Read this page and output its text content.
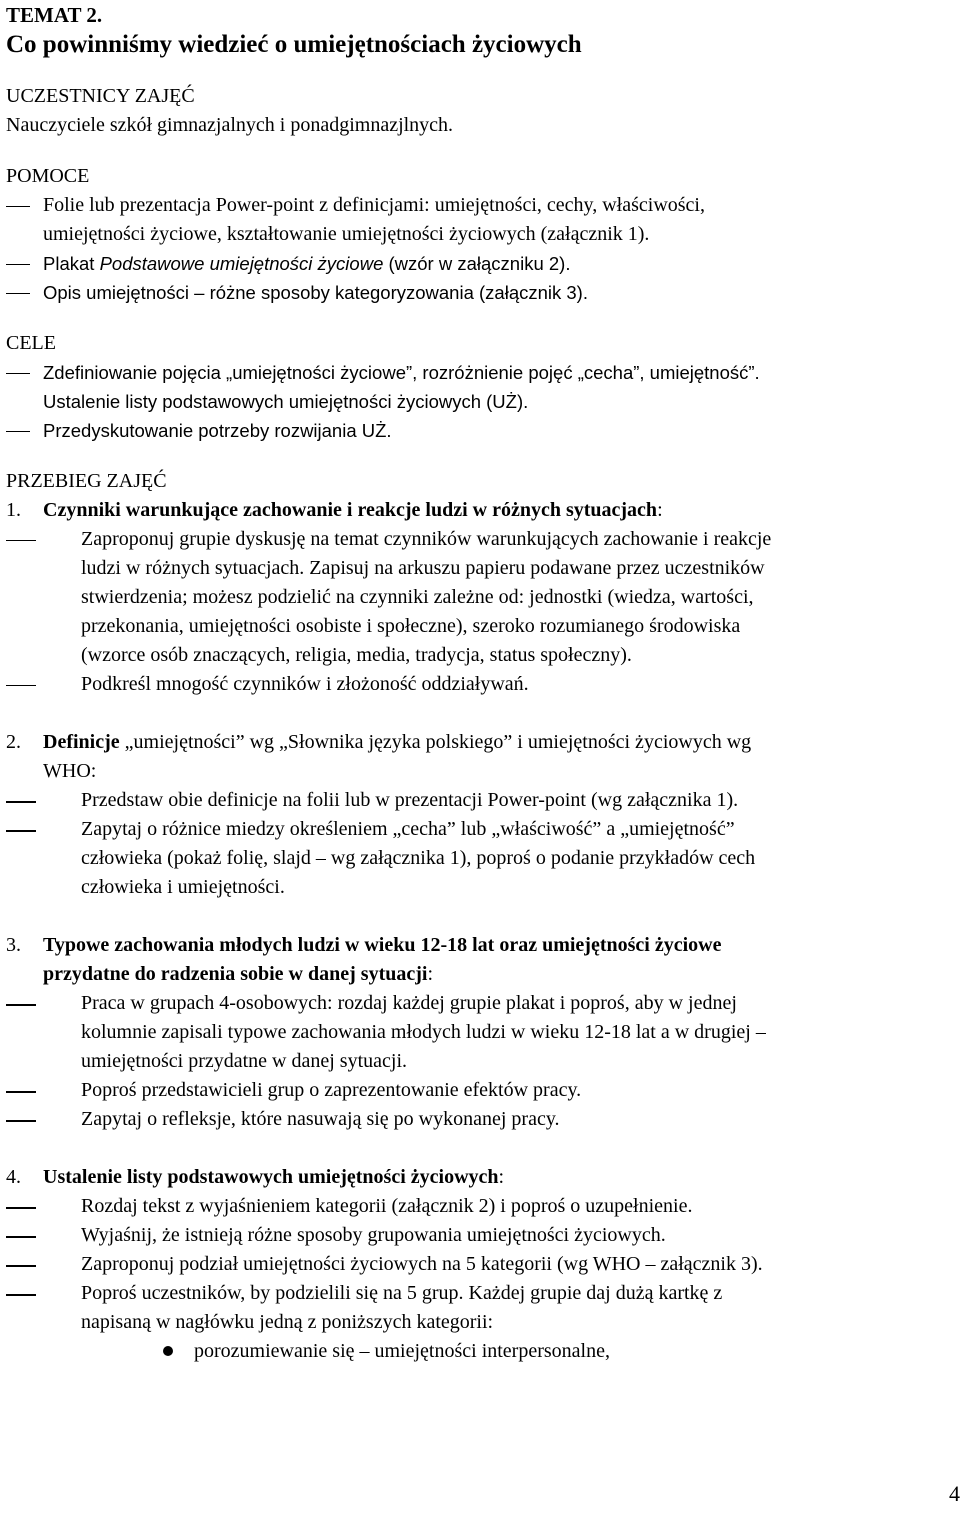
TEMAT 2.
Co powinniśmy wiedzieć o umiejętnościach życiowych
UCZESTNICY ZAJĘĆ
Nauczyciele szkół gimnazjalnych i ponadgimnazjlnych.
POMOCE
Folie lub prezentacja Power-point z definicjami: umiejętności, cechy, właściwości,
umiejętności życiowe, kształtowanie umiejętności życiowych (załącznik 1).
Plakat Podstawowe umiejętności życiowe (wzór w załączniku 2).
Opis umiejętności – różne sposoby kategoryzowania (załącznik 3).
CELE
Zdefiniowanie pojęcia „umiejętności życiowe”, rozróżnienie pojęć „cecha”, umiejętność”.
Ustalenie listy podstawowych umiejętności życiowych (UŻ).
Przedyskutowanie potrzeby rozwijania UŻ.
PRZEBIEG ZAJĘĆ
1. Czynniki warunkujące zachowanie i reakcje ludzi w różnych sytuacjach:
Zaproponuj grupie dyskusję na temat czynników warunkujących zachowanie i reakcje
ludzi w różnych sytuacjach. Zapisuj na arkuszu papieru podawane przez uczestników
stwierdzenia; możesz podzielić na czynniki zależne od: jednostki (wiedza, wartości,
przekonania, umiejętności osobiste i społeczne), szeroko rozumianego środowiska
(wzorce osób znaczących, religia, media, tradycja, status społeczny).
Podkreśl mnogość czynników i złożoność oddziaływań.
2. Definicje „umiejętności” wg „Słownika języka polskiego” i umiejętności życiowych wg
WHO:
Przedstaw obie definicje na folii lub w prezentacji Power-point (wg załącznika 1).
Zapytaj o różnice miedzy określeniem „cecha” lub „właściwość” a „umiejętność”
człowieka (pokaż folię, slajd – wg załącznika 1), poproś o podanie przykładów cech
człowieka i umiejętności.
3. Typowe zachowania młodych ludzi w wieku 12-18 lat oraz umiejętności życiowe
przydatne do radzenia sobie w danej sytuacji:
Praca w grupach 4-osobowych: rozdaj każdej grupie plakat i poproś, aby w jednej
kolumnie zapisali typowe zachowania młodych ludzi w wieku 12-18 lat a w drugiej –
umiejętności przydatne w danej sytuacji.
Poproś przedstawicieli grup o zaprezentowanie efektów pracy.
Zapytaj o refleksje, które nasuwają się po wykonanej pracy.
4. Ustalenie listy podstawowych umiejętności życiowych:
Rozdaj tekst z wyjaśnieniem kategorii (załącznik 2) i poproś o uzupełnienie.
Wyjaśnij, że istnieją różne sposoby grupowania umiejętności życiowych.
Zaproponuj podział umiejętności życiowych na 5 kategorii (wg WHO – załącznik 3).
Poproś uczestników, by podzielili się na 5 grup. Każdej grupie daj dużą kartkę z
napisaną w nagłówku jedną z poniższych kategorii:
porozumiewanie się – umiejętności interpersonalne,
4
